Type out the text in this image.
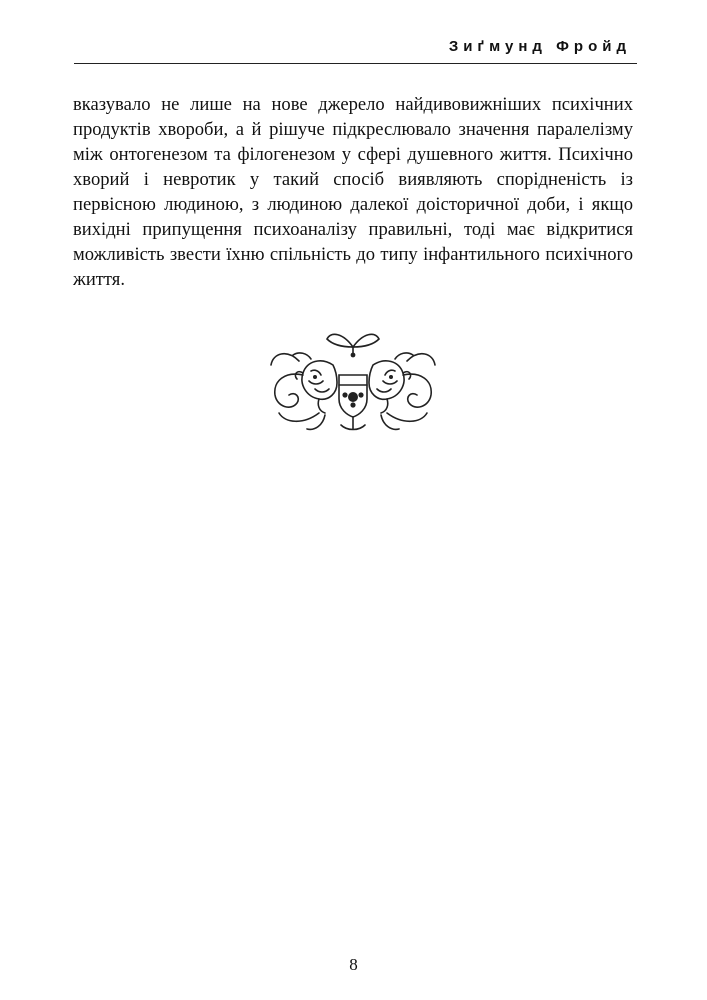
Зиґмунд Фройд

вказувало не лише на нове джерело найдивовижніших психічних продуктів хвороби, а й рішуче підкреслювало значення паралелізму між онтогенезом та філогенезом у сфері душевного життя. Психічно хворий і невротик у такий спосіб виявляють спорідненість із первісною людиною, з людиною далекої доісторичної доби, і якщо вихідні припущення психоаналізу правильні, тоді має відкритися можливість звести їхню спільність до типу інфантильного психічного життя.

8
